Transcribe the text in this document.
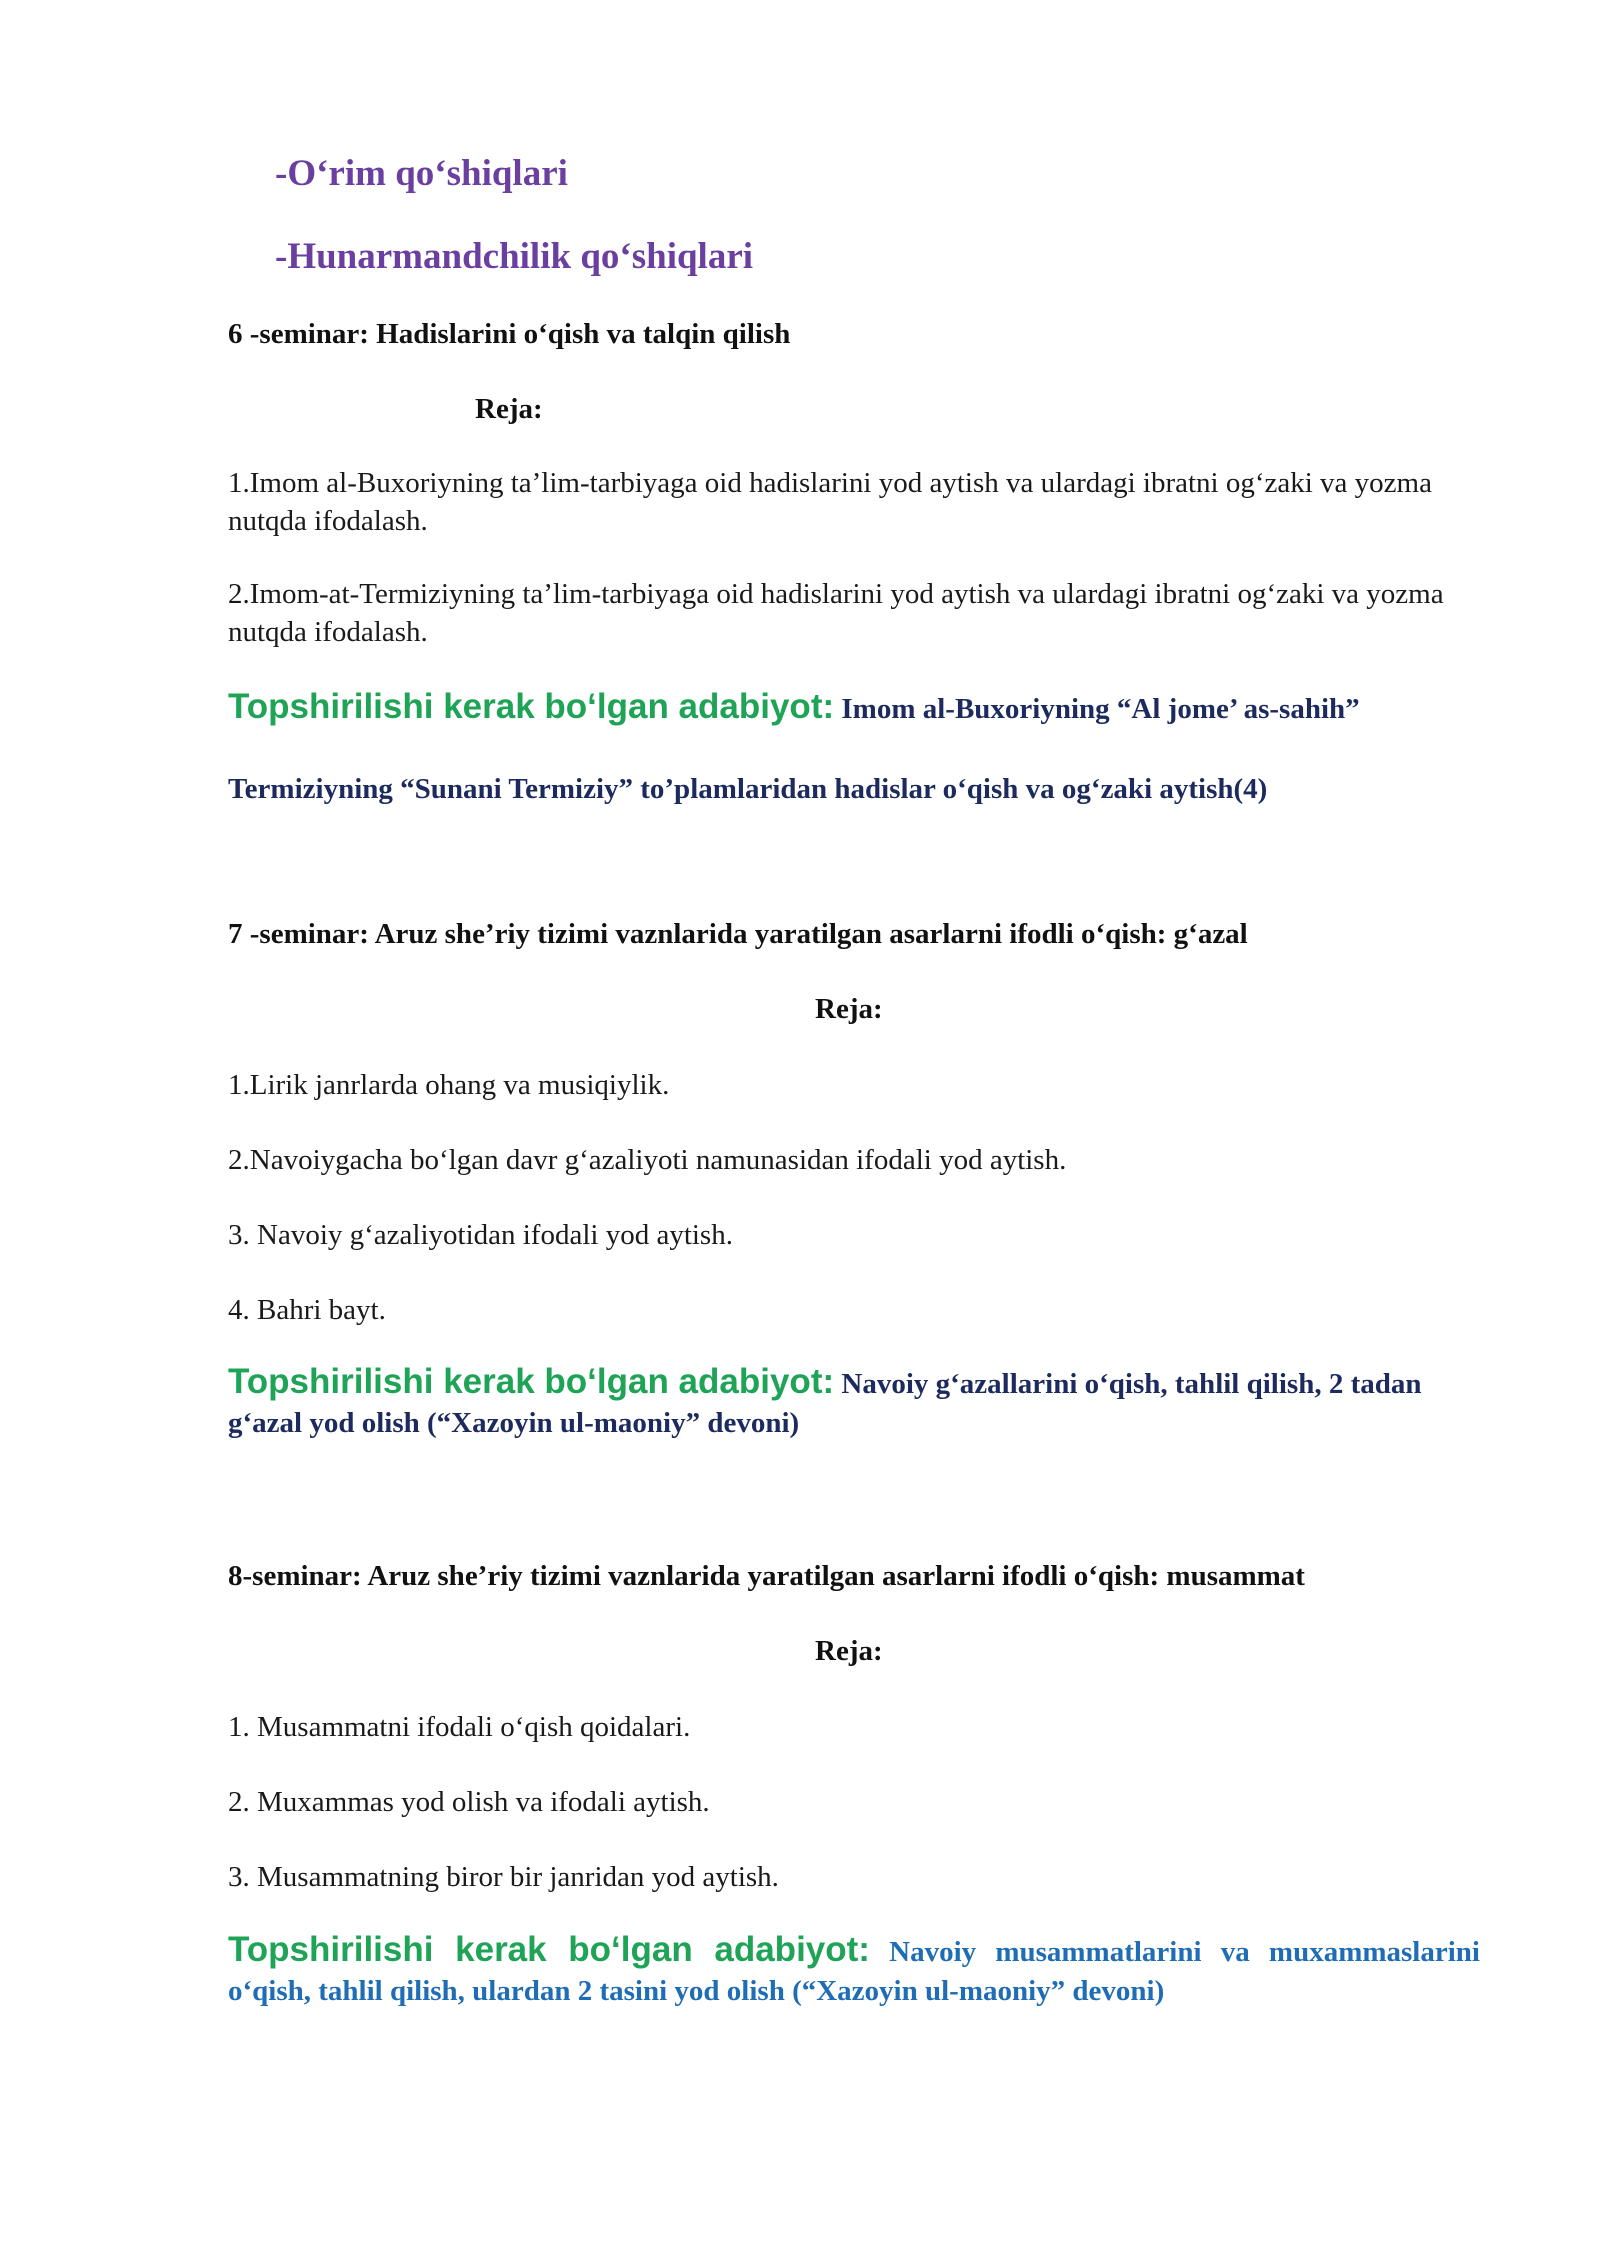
-O‘rim qo‘shiqlari

-Hunarmandchilik qo‘shiqlari

6 -seminar: Hadislarini o‘qish va talqin qilish

Reja:

1.Imom al-Buxoriyning ta’lim-tarbiyaga oid hadislarini yod aytish va ulardagi ibratni og‘zaki va yozma nutqda ifodalash.

2.Imom-at-Termiziyning ta’lim-tarbiyaga oid hadislarini yod aytish va ulardagi ibratni og‘zaki va yozma nutqda ifodalash.

Topshirilishi kerak bo‘lgan adabiyot: Imom al-Buxoriyning “Al jome’ as-sahih”

Termiziyning “Sunani Termiziy” to’plamlaridan hadislar o‘qish va og‘zaki aytish(4)

7 -seminar: Aruz she’riy tizimi vaznlarida yaratilgan asarlarni ifodli o‘qish: g‘azal

Reja:

1.Lirik janrlarda ohang va musiqiylik.

2.Navoiygacha bo‘lgan davr g‘azaliyoti namunasidan ifodali yod aytish.

3. Navoiy g‘azaliyotidan ifodali yod aytish.

4. Bahri bayt.

Topshirilishi kerak bo‘lgan adabiyot: Navoiy g‘azallarini o‘qish, tahlil qilish, 2 tadan g‘azal yod olish (“Xazoyin ul-maoniy” devoni)

8-seminar: Aruz she’riy tizimi vaznlarida yaratilgan asarlarni ifodli o‘qish: musammat

Reja:

1. Musammatni ifodali o‘qish qoidalari.

2. Muxammas yod olish va ifodali aytish.

3. Musammatning biror bir janridan yod aytish.

Topshirilishi kerak bo‘lgan adabiyot: Navoiy musammatlarini va muxammaslarini o‘qish, tahlil qilish, ulardan 2 tasini yod olish (“Xazoyin ul-maoniy” devoni)
